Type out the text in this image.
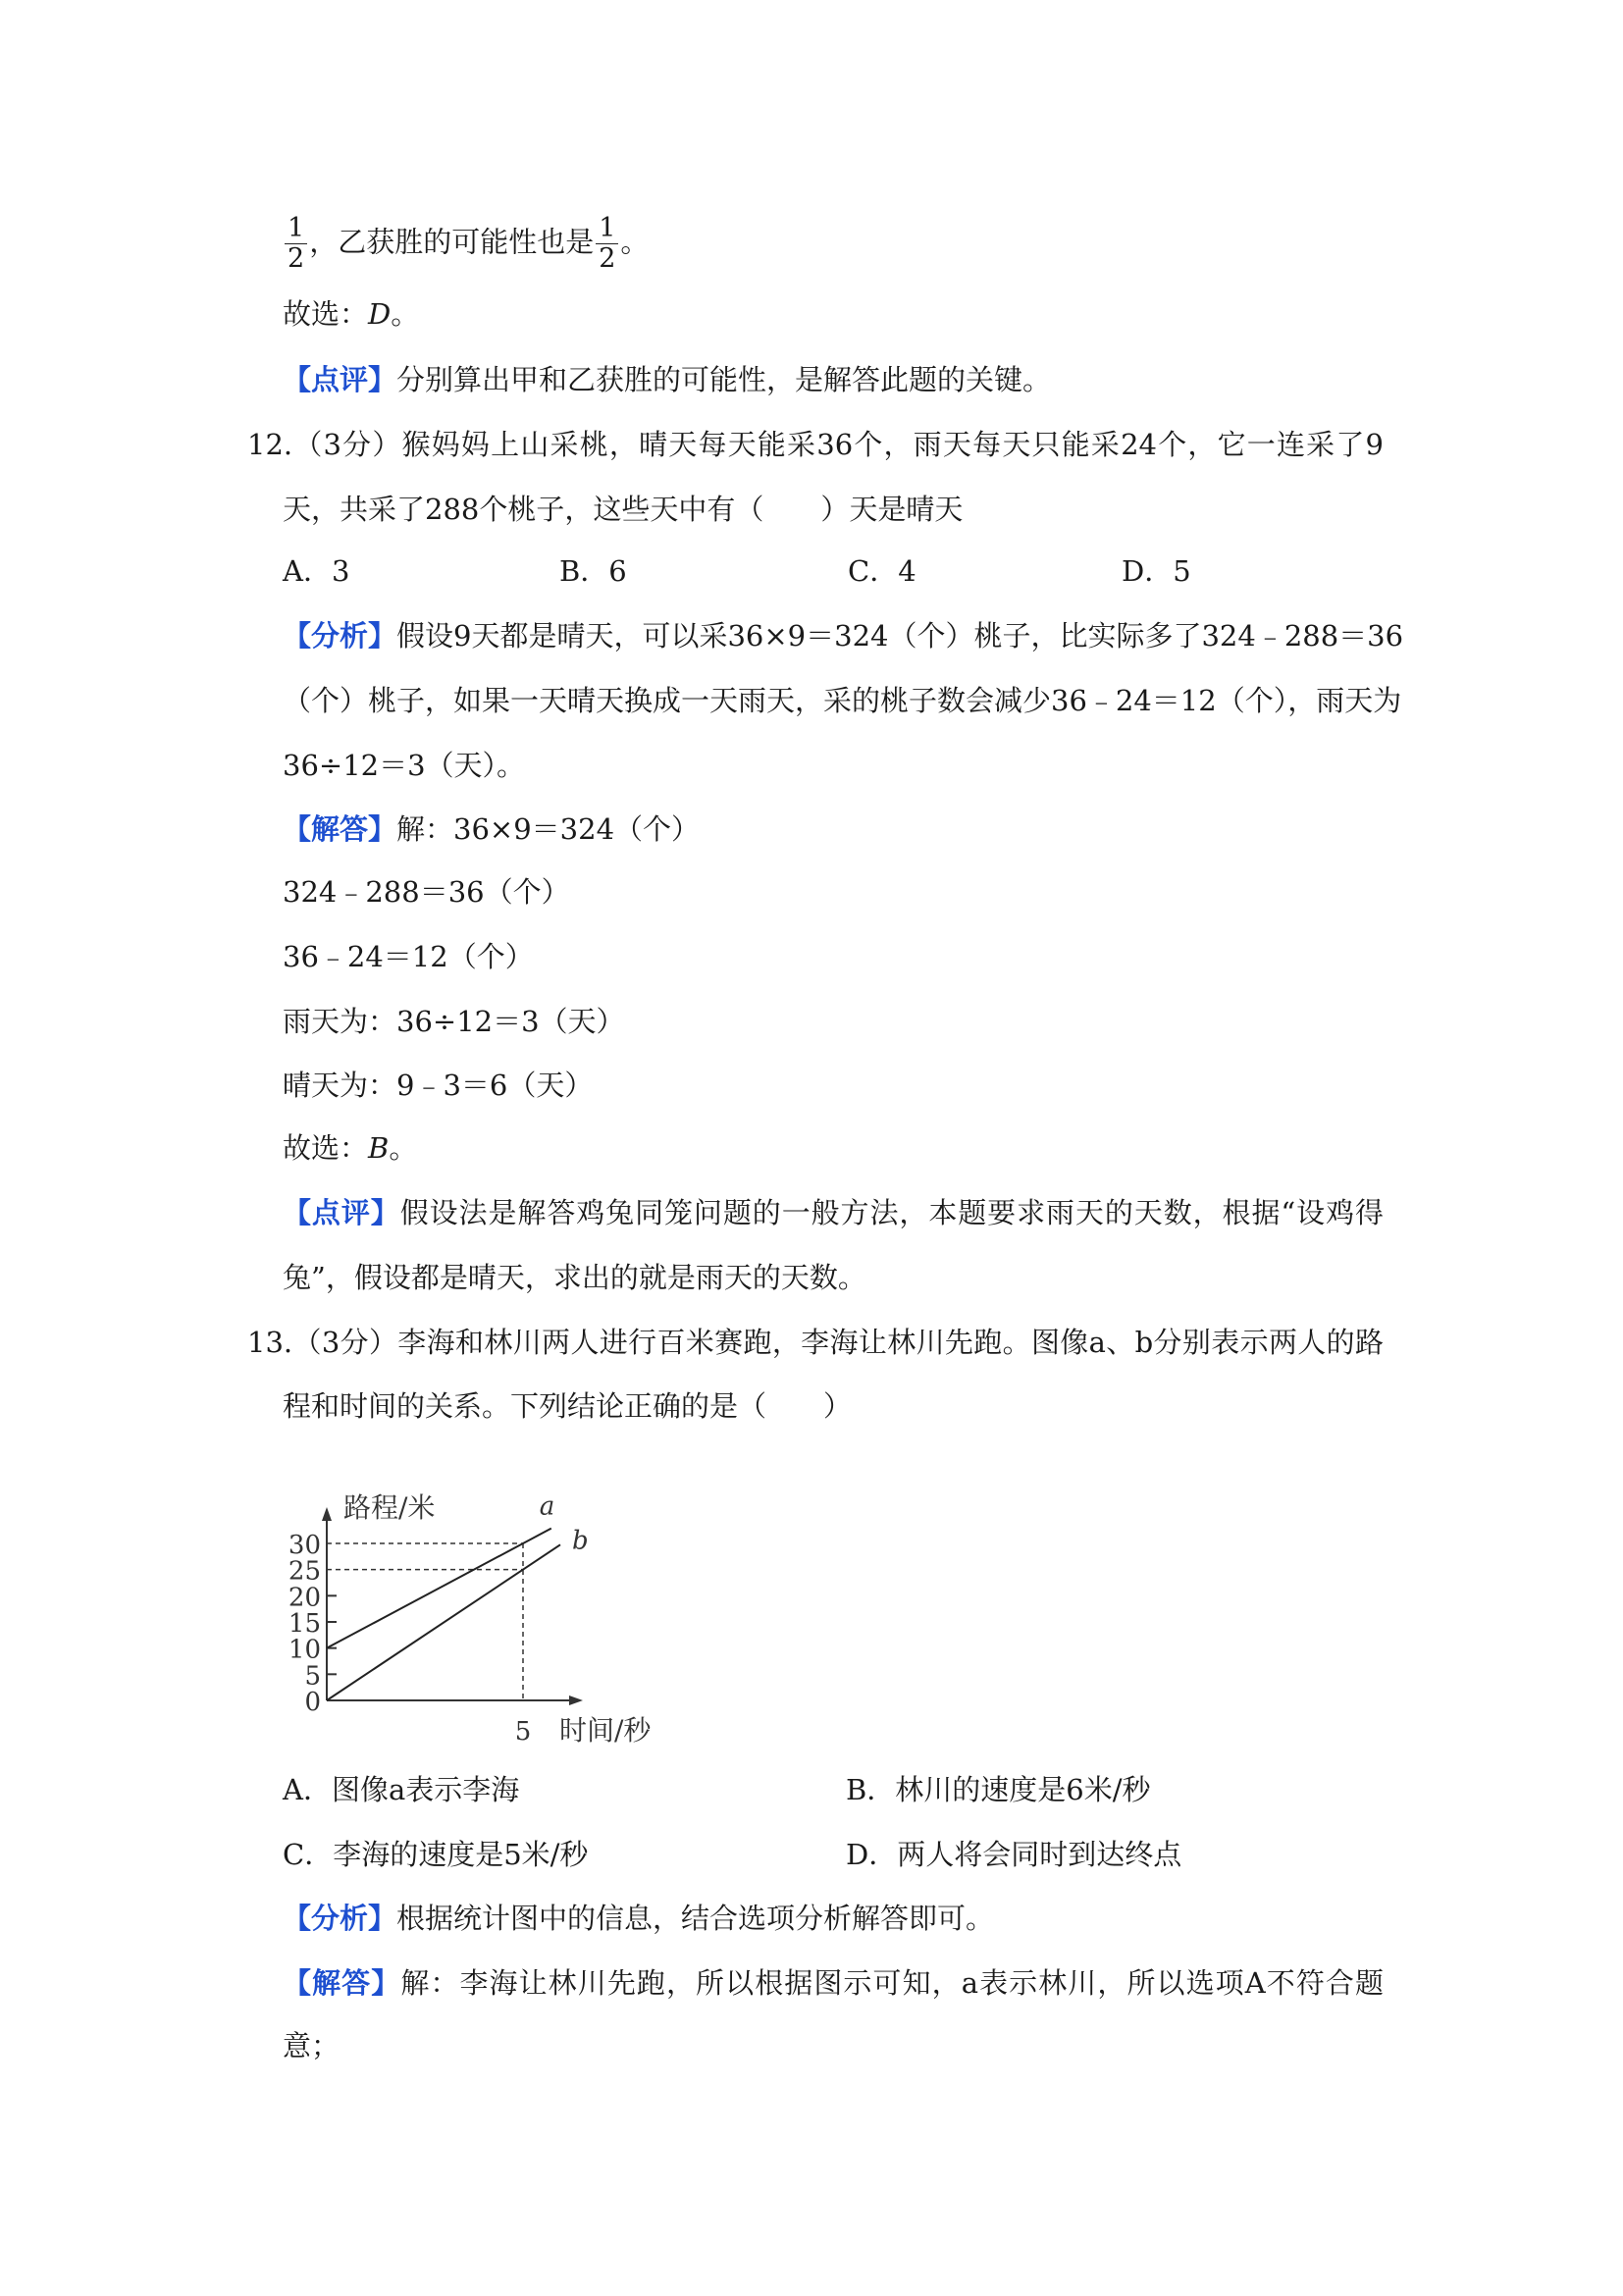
$\frac{1}{2}$ ，乙获胜的可能性也是 $\frac{1}{2}$ 。
故选：D。
【点评】分别算出甲和乙获胜的可能性，是解答此题的关键。
12.（3分）猴妈妈上山采桃，晴天每天能采36个，雨天每天只能采24个，它一连采了9
天，共采了288个桃子，这些天中有（　　）天是晴天
A．3	B．6	C．4	D．5
【分析】假设9天都是晴天，可以采36×9＝324（个）桃子，比实际多了324﹣288＝36
（个）桃子，如果一天晴天换成一天雨天，采的桃子数会减少36﹣24＝12（个），雨天为
36÷12＝3（天）。
【解答】解：36×9＝324（个）
324﹣288＝36（个）
36﹣24＝12（个）
雨天为：36÷12＝3（天）
晴天为：9﹣3＝6（天）
故选：B。
【点评】假设法是解答鸡兔同笼问题的一般方法，本题要求雨天的天数，根据“设鸡得
兔”，假设都是晴天，求出的就是雨天的天数。
13.（3分）李海和林川两人进行百米赛跑，李海让林川先跑。图像a、b分别表示两人的路
程和时间的关系。下列结论正确的是（　　）
0
5
10
15
20
25
30
5
a
b
路程/米
时间/秒
A．图像a表示李海	B．林川的速度是6米/秒
C．李海的速度是5米/秒	D．两人将会同时到达终点
【分析】根据统计图中的信息，结合选项分析解答即可。
【解答】解：李海让林川先跑，所以根据图示可知，a表示林川，所以选项A不符合题
意；
